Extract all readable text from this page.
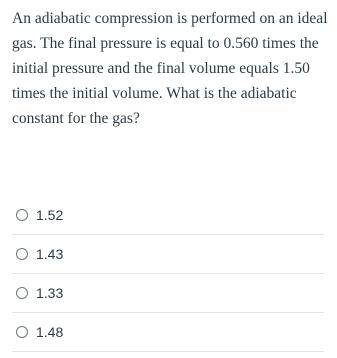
An adiabatic compression is performed on an ideal gas. The final pressure is equal to 0.560 times the initial pressure and the final volume equals 1.50 times the initial volume. What is the adiabatic constant for the gas?

1.52
1.43
1.33
1.48
